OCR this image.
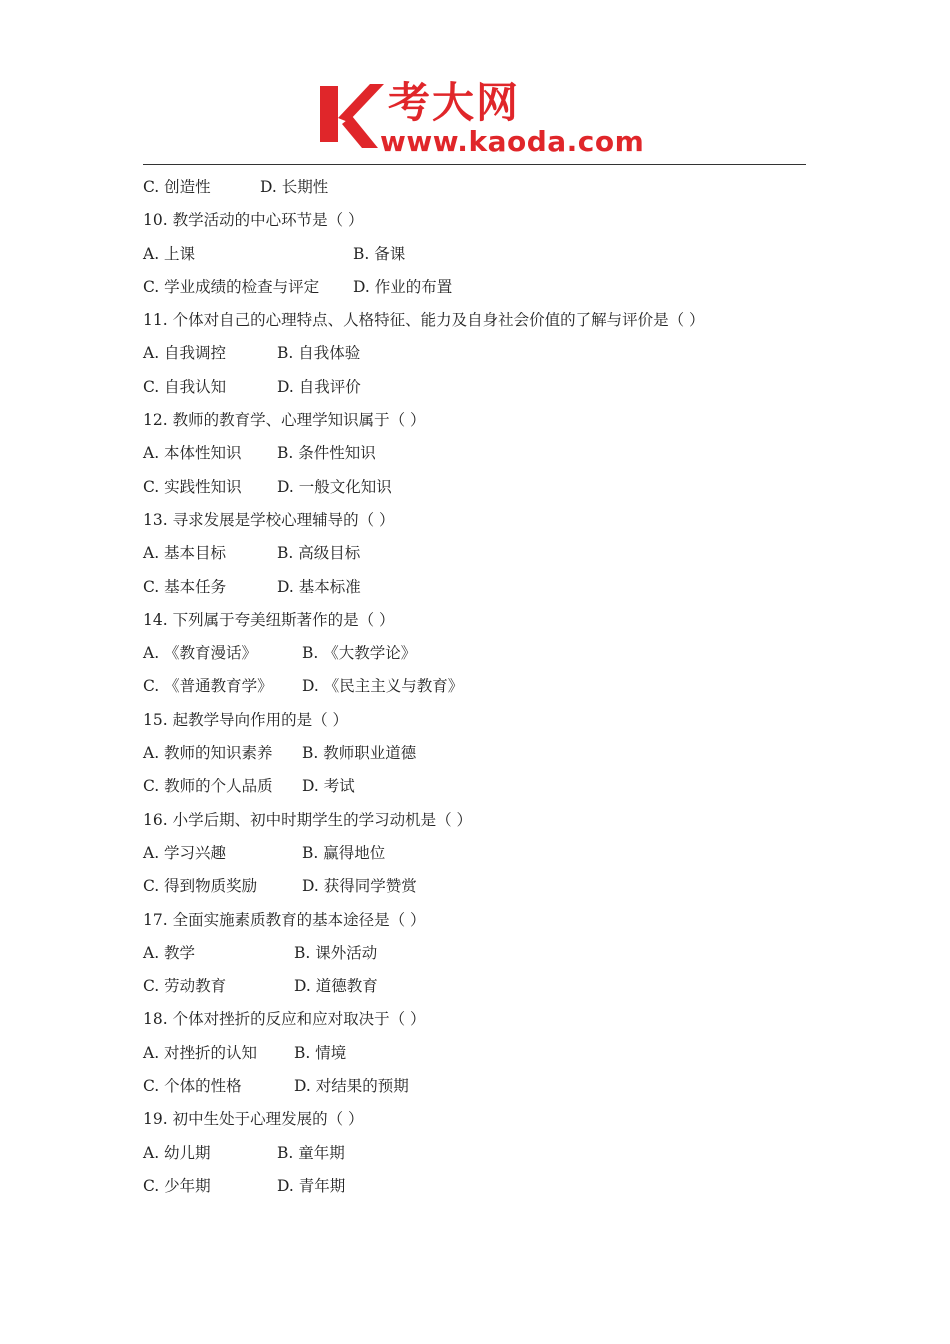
考大网
www.kaoda.com
C. 创造性	D. 长期性
10. 教学活动的中心环节是（ ）
A. 上课	B. 备课
C. 学业成绩的检查与评定 D. 作业的布置
11. 个体对自己的心理特点、人格特征、能力及自身社会价值的了解与评价是（ ）
A. 自我调控	B. 自我体验
C. 自我认知	D. 自我评价
12. 教师的教育学、心理学知识属于（ ）
A. 本体性知识 B. 条件性知识
C. 实践性知识 D. 一般文化知识
13. 寻求发展是学校心理辅导的（ ）
A. 基本目标	B. 高级目标
C. 基本任务	D. 基本标准
14. 下列属于夸美纽斯著作的是（ ）
A. 《教育漫话》	B. 《大教学论》
C. 《普通教育学》 D. 《民主主义与教育》
15. 起教学导向作用的是（ ）
A. 教师的知识素养 B. 教师职业道德
C. 教师的个人品质 D. 考试
16. 小学后期、初中时期学生的学习动机是（ ）
A. 学习兴趣	B. 赢得地位
C. 得到物质奖励	D. 获得同学赞赏
17. 全面实施素质教育的基本途径是（ ）
A. 教学	B. 课外活动
C. 劳动教育	D. 道德教育
18. 个体对挫折的反应和应对取决于（ ）
A. 对挫折的认知 B. 情境
C. 个体的性格	D. 对结果的预期
19. 初中生处于心理发展的（ ）
A. 幼儿期	B. 童年期
C. 少年期	D. 青年期
